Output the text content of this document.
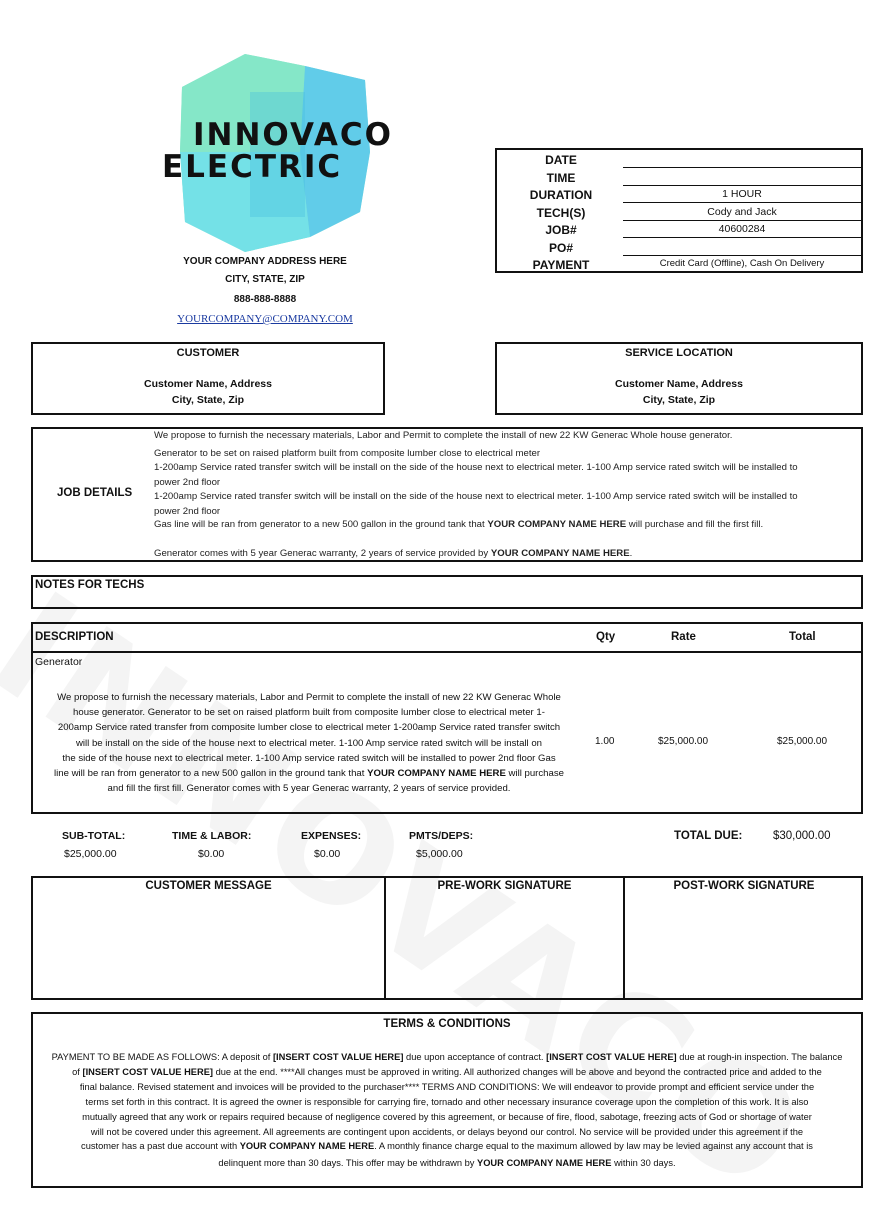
INNOVACO
ELECTRIC
YOUR COMPANY ADDRESS HERE
CITY, STATE, ZIP
888-888-8888
YOURCOMPANY@COMPANY.COM
DATE
TIME
DURATION	1 HOUR
TECH(S)	Cody and Jack
JOB#	40600284
PO#
PAYMENT	Credit Card (Offline), Cash On Delivery
CUSTOMER
Customer Name, Address
City, State, Zip
SERVICE LOCATION
Customer Name, Address
City, State, Zip
JOB DETAILS
We propose to furnish the necessary materials, Labor and Permit to complete the install of new 22 KW Generac Whole house generator.
Generator to be set on raised platform built from composite lumber close to electrical meter
1-200amp Service rated transfer switch will be install on the side of the house next to electrical meter. 1-100 Amp service rated switch will be installed to
power 2nd floor
1-200amp Service rated transfer switch will be install on the side of the house next to electrical meter. 1-100 Amp service rated switch will be installed to
power 2nd floor
Gas line will be ran from generator to a new 500 gallon in the ground tank that YOUR COMPANY NAME HERE will purchase and fill the first fill.
Generator comes with 5 year Generac warranty, 2 years of service provided by YOUR COMPANY NAME HERE.
NOTES FOR TECHS
DESCRIPTION	Qty	Rate	Total
Generator
We propose to furnish the necessary materials, Labor and Permit to complete the install of new 22 KW Generac Whole
house generator. Generator to be set on raised platform built from composite lumber close to electrical meter 1-
200amp Service rated transfer from composite lumber close to electrical meter 1-200amp Service rated transfer switch
will be install on the side of the house next to electrical meter. 1-100 Amp service rated switch will be install on
the side of the house next to electrical meter. 1-100 Amp service rated switch will be installed to power 2nd floor Gas
line will be ran from generator to a new 500 gallon in the ground tank that YOUR COMPANY NAME HERE will purchase
and fill the first fill. Generator comes with 5 year Generac warranty, 2 years of service provided.
1.00	$25,000.00	$25,000.00
SUB-TOTAL:
$25,000.00
TIME & LABOR:
$0.00
EXPENSES:
$0.00
PMTS/DEPS:
$5,000.00
TOTAL DUE:	$30,000.00
CUSTOMER MESSAGE	PRE-WORK SIGNATURE	POST-WORK SIGNATURE
TERMS & CONDITIONS
PAYMENT TO BE MADE AS FOLLOWS: A deposit of [INSERT COST VALUE HERE] due upon acceptance of contract. [INSERT COST VALUE HERE] due at rough-in inspection. The balance
of [INSERT COST VALUE HERE] due at the end. ****All changes must be approved in writing. All authorized changes will be above and beyond the contracted price and added to the
final balance. Revised statement and invoices will be provided to the purchaser**** TERMS AND CONDITIONS: We will endeavor to provide prompt and efficient service under the
terms set forth in this contract. It is agreed the owner is responsible for carrying fire, tornado and other necessary insurance coverage upon the completion of this work. It is also
mutually agreed that any work or repairs required because of negligence covered by this agreement, or because of fire, flood, sabotage, freezing acts of God or shortage of water
will not be covered under this agreement. All agreements are contingent upon accidents, or delays beyond our control. No service will be provided under this agreement if the
customer has a past due account with YOUR COMPANY NAME HERE. A monthly finance charge equal to the maximum allowed by law may be levied against any account that is
delinquent more than 30 days. This offer may be withdrawn by YOUR COMPANY NAME HERE within 30 days.
